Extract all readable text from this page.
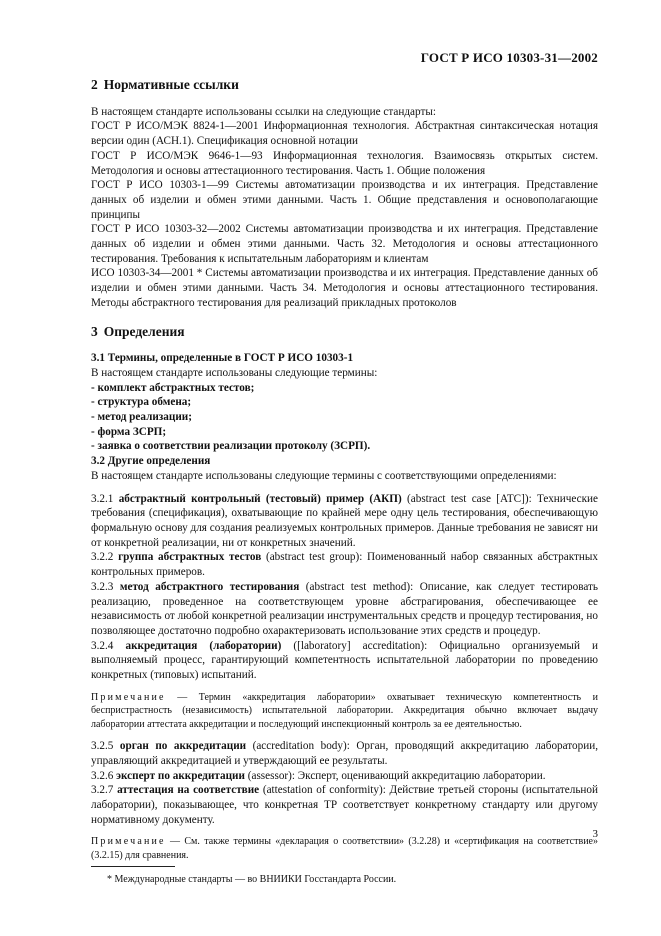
ГОСТ Р ИСО 10303-31—2002
2 Нормативные ссылки

В настоящем стандарте использованы ссылки на следующие стандарты:

ГОСТ Р ИСО/МЭК 8824-1—2001 Информационная технология. Абстрактная синтаксическая нотация версии один (АСН.1). Спецификация основной нотации

ГОСТ Р ИСО/МЭК 9646-1—93 Информационная технология. Взаимосвязь открытых систем. Методология и основы аттестационного тестирования. Часть 1. Общие положения

ГОСТ Р ИСО 10303-1—99 Системы автоматизации производства и их интеграция. Представление данных об изделии и обмен этими данными. Часть 1. Общие представления и основополагающие принципы

ГОСТ Р ИСО 10303-32—2002 Системы автоматизации производства и их интеграция. Представление данных об изделии и обмен этими данными. Часть 32. Методология и основы аттестационного тестирования. Требования к испытательным лабораториям и клиентам

ИСО 10303-34—2001 * Системы автоматизации производства и их интеграция. Представление данных об изделии и обмен этими данными. Часть 34. Методология и основы аттестационного тестирования. Методы абстрактного тестирования для реализаций прикладных протоколов

3 Определения

3.1 Термины, определенные в ГОСТ Р ИСО 10303-1

В настоящем стандарте использованы следующие термины:

- комплект абстрактных тестов;
- структура обмена;
- метод реализации;
- форма ЗСРП;
- заявка о соответствии реализации протоколу (ЗСРП).

3.2 Другие определения

В настоящем стандарте использованы следующие термины с соответствующими определениями:

3.2.1 абстрактный контрольный (тестовый) пример (АКП) (abstract test case [ATC]): Технические требования (спецификация), охватывающие по крайней мере одну цель тестирования, обеспечивающую формальную основу для создания реализуемых контрольных примеров. Данные требования не зависят ни от конкретной реализации, ни от конкретных значений.

3.2.2 группа абстрактных тестов (abstract test group): Поименованный набор связанных абстрактных контрольных примеров.

3.2.3 метод абстрактного тестирования (abstract test method): Описание, как следует тестировать реализацию, проведенное на соответствующем уровне абстрагирования, обеспечивающее ее независимость от любой конкретной реализации инструментальных средств и процедур тестирования, но позволяющее достаточно подробно охарактеризовать использование этих средств и процедур.

3.2.4 аккредитация (лаборатории) ([laboratory] accreditation): Официально организуемый и выполняемый процесс, гарантирующий компетентность испытательной лаборатории по проведению конкретных (типовых) испытаний.

Примечание — Термин «аккредитация лаборатории» охватывает техническую компетентность и беспристрастность (независимость) испытательной лаборатории. Аккредитация обычно включает выдачу лаборатории аттестата аккредитации и последующий инспекционный контроль за ее деятельностью.

3.2.5 орган по аккредитации (accreditation body): Орган, проводящий аккредитацию лаборатории, управляющий аккредитацией и утверждающий ее результаты.

3.2.6 эксперт по аккредитации (assessor): Эксперт, оценивающий аккредитацию лаборатории.

3.2.7 аттестация на соответствие (attestation of conformity): Действие третьей стороны (испытательной лаборатории), показывающее, что конкретная ТР соответствует конкретному стандарту или другому нормативному документу.

Примечание — См. также термины «декларация о соответствии» (3.2.28) и «сертификация на соответствие» (3.2.15) для сравнения.

* Международные стандарты — во ВНИИКИ Госстандарта России.

3
